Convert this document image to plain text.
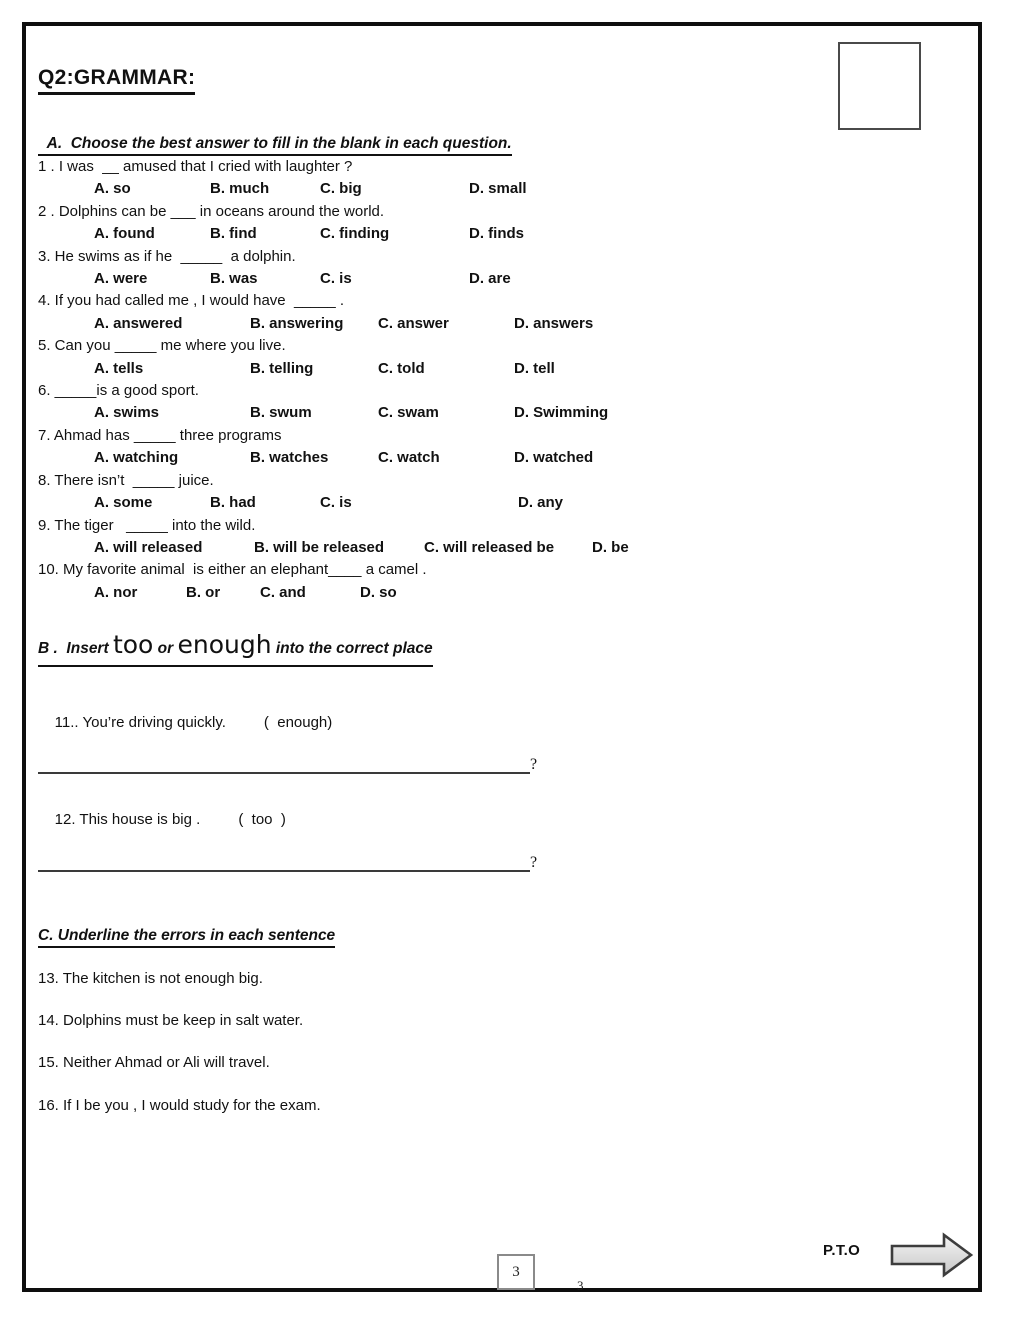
Q2:GRAMMAR:
A.  Choose the best answer to fill in the blank in each question.
1 . I was  __ amused that I cried with laughter ?
A. so	B. much	C. big	D. small
2 . Dolphins can be ___ in oceans around the world.
A. found	B. find	C. finding	D. finds
3. He swims as if he  _____  a dolphin.
A. were	B. was	C. is	D. are
4. If you had called me , I would have  _____ .
A. answered	B. answering C. answer	D. answers
5. Can you _____ me where you live.
A. tells	B. telling	C. told	D. tell
6. _____is a good sport.
A. swims	B. swum	C. swam	D. Swimming
7. Ahmad has _____ three programs
A. watching	B. watches	C. watch	D. watched
8. There isn’t  _____ juice.
A. some	B. had	C. is	D. any
9. The tiger   _____ into the wild.
A. will released	B. will be released	C. will released be	D. be
10. My favorite animal  is either an elephant____ a camel .
A. nor	B. or	C. and	D. so
B .  Insert too or enough into the correct place

11.. You’re driving quickly.	(  enough)

?

12. This house is big .	(  too  )

?
C. Underline the errors in each sentence
13. The kitchen is not enough big.
14. Dolphins must be keep in salt water.
15. Neither Ahmad or Ali will travel.
16. If I be you , I would study for the exam.
3
3
P.T.O
